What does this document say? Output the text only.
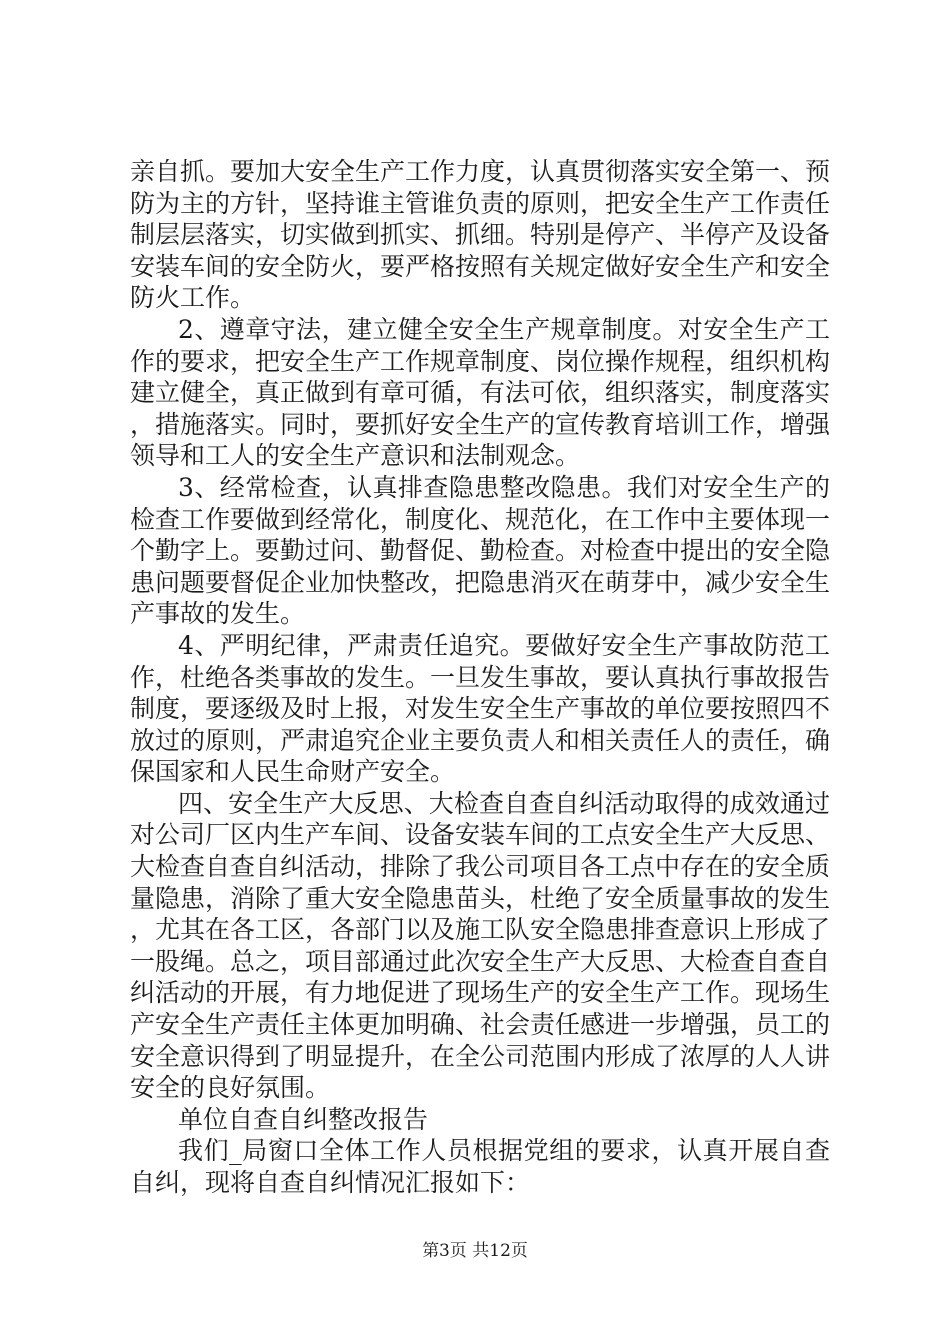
亲自抓。要加大安全生产工作力度，认真贯彻落实安全第一、预防为主的方针，坚持谁主管谁负责的原则，把安全生产工作责任制层层落实，切实做到抓实、抓细。特别是停产、半停产及设备安装车间的安全防火，要严格按照有关规定做好安全生产和安全防火工作。

2、遵章守法，建立健全安全生产规章制度。对安全生产工作的要求，把安全生产工作规章制度、岗位操作规程，组织机构建立健全，真正做到有章可循，有法可依，组织落实，制度落实，措施落实。同时，要抓好安全生产的宣传教育培训工作，增强领导和工人的安全生产意识和法制观念。

3、经常检查，认真排查隐患整改隐患。我们对安全生产的检查工作要做到经常化，制度化、规范化，在工作中主要体现一个勤字上。要勤过问、勤督促、勤检查。对检查中提出的安全隐患问题要督促企业加快整改，把隐患消灭在萌芽中，减少安全生产事故的发生。

4、严明纪律，严肃责任追究。要做好安全生产事故防范工作，杜绝各类事故的发生。一旦发生事故，要认真执行事故报告制度，要逐级及时上报，对发生安全生产事故的单位要按照四不放过的原则，严肃追究企业主要负责人和相关责任人的责任，确保国家和人民生命财产安全。

四、安全生产大反思、大检查自查自纠活动取得的成效通过对公司厂区内生产车间、设备安装车间的工点安全生产大反思、大检查自查自纠活动，排除了我公司项目各工点中存在的安全质量隐患，消除了重大安全隐患苗头，杜绝了安全质量事故的发生，尤其在各工区，各部门以及施工队安全隐患排查意识上形成了一股绳。总之，项目部通过此次安全生产大反思、大检查自查自纠活动的开展，有力地促进了现场生产的安全生产工作。现场生产安全生产责任主体更加明确、社会责任感进一步增强，员工的安全意识得到了明显提升，在全公司范围内形成了浓厚的人人讲安全的良好氛围。

单位自查自纠整改报告

我们_局窗口全体工作人员根据党组的要求，认真开展自查自纠，现将自查自纠情况汇报如下：

第3页 共12页
